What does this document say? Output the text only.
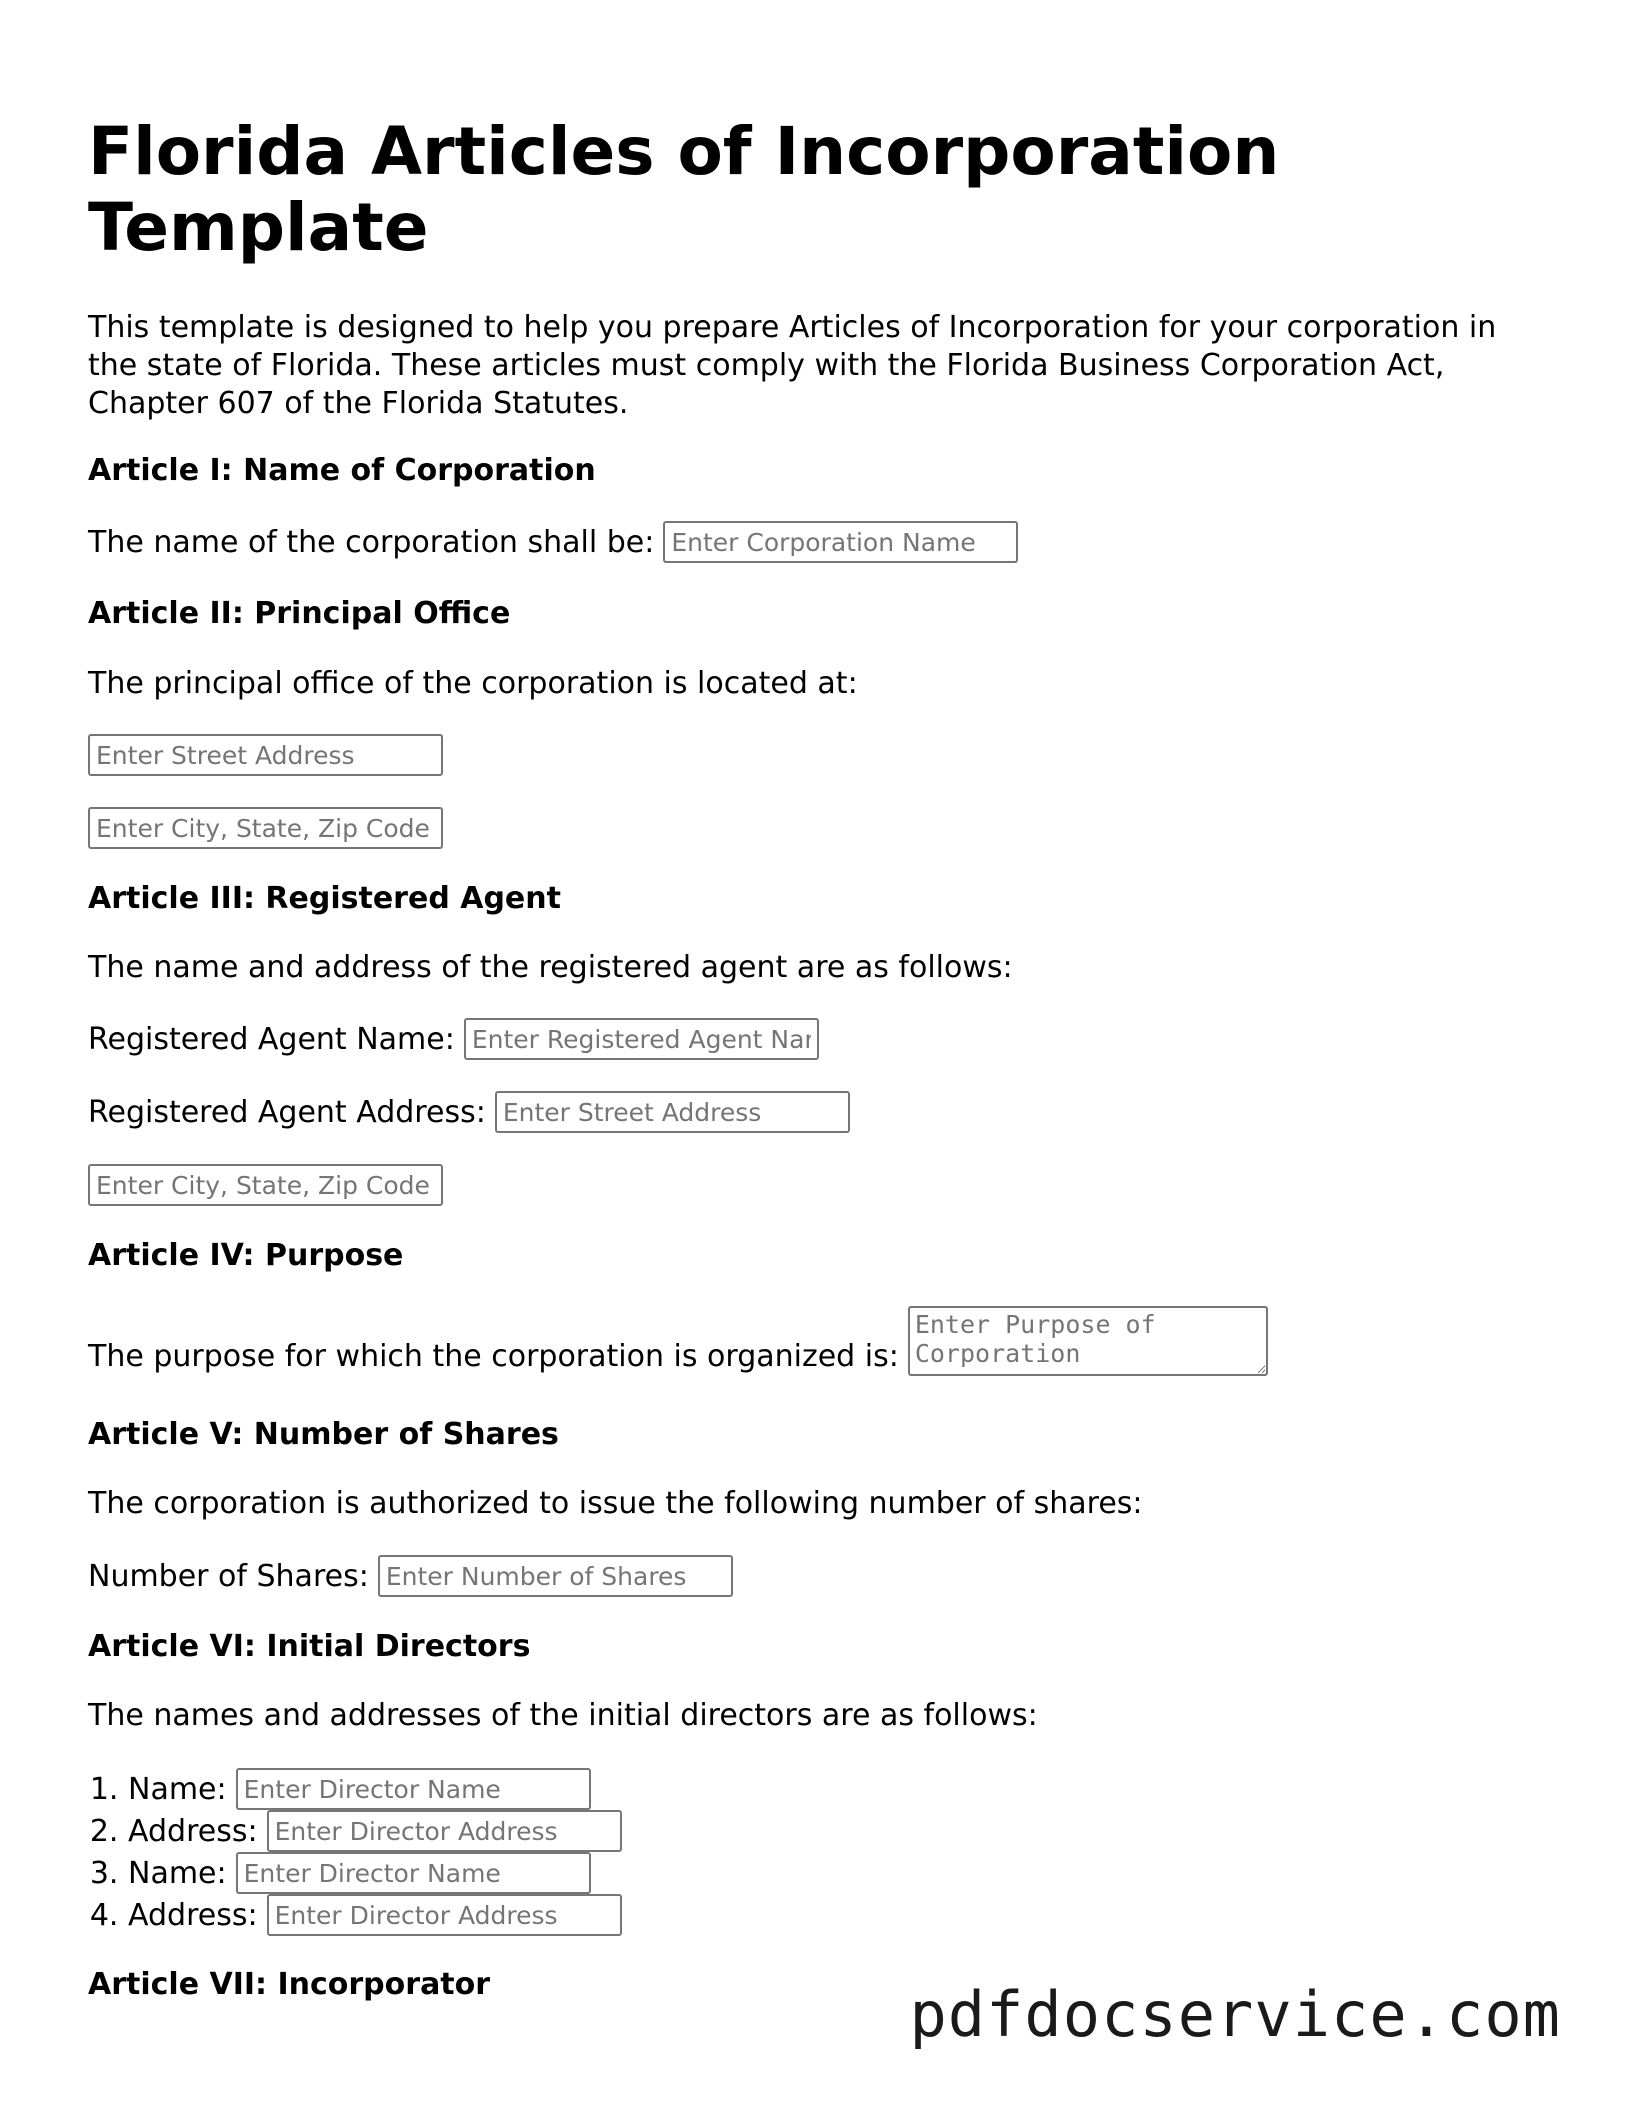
Florida Articles of Incorporation Template

This template is designed to help you prepare Articles of Incorporation for your corporation in the state of Florida. These articles must comply with the Florida Business Corporation Act, Chapter 607 of the Florida Statutes.

Article I: Name of Corporation
The name of the corporation shall be:
Enter Corporation Name
Article II: Principal Office

The principal office of the corporation is located at:

Enter Street Address
Enter City, State, Zip Code
Article III: Registered Agent

The name and address of the registered agent are as follows:

Registered Agent Name:
Enter Registered Agent Name
Registered Agent Address:
Enter Street Address
Enter City, State, Zip Code
Article IV: Purpose
The purpose for which the corporation is organized is:
Enter Purpose of Corporation
Article V: Number of Shares

The corporation is authorized to issue the following number of shares:

Number of Shares:
Enter Number of Shares
Article VI: Initial Directors

The names and addresses of the initial directors are as follows:

1. Name:
Enter Director Name
2. Address:
Enter Director Address
3. Name:
Enter Director Name
4. Address:
Enter Director Address
Article VII: Incorporator	pdfdocservice.com
